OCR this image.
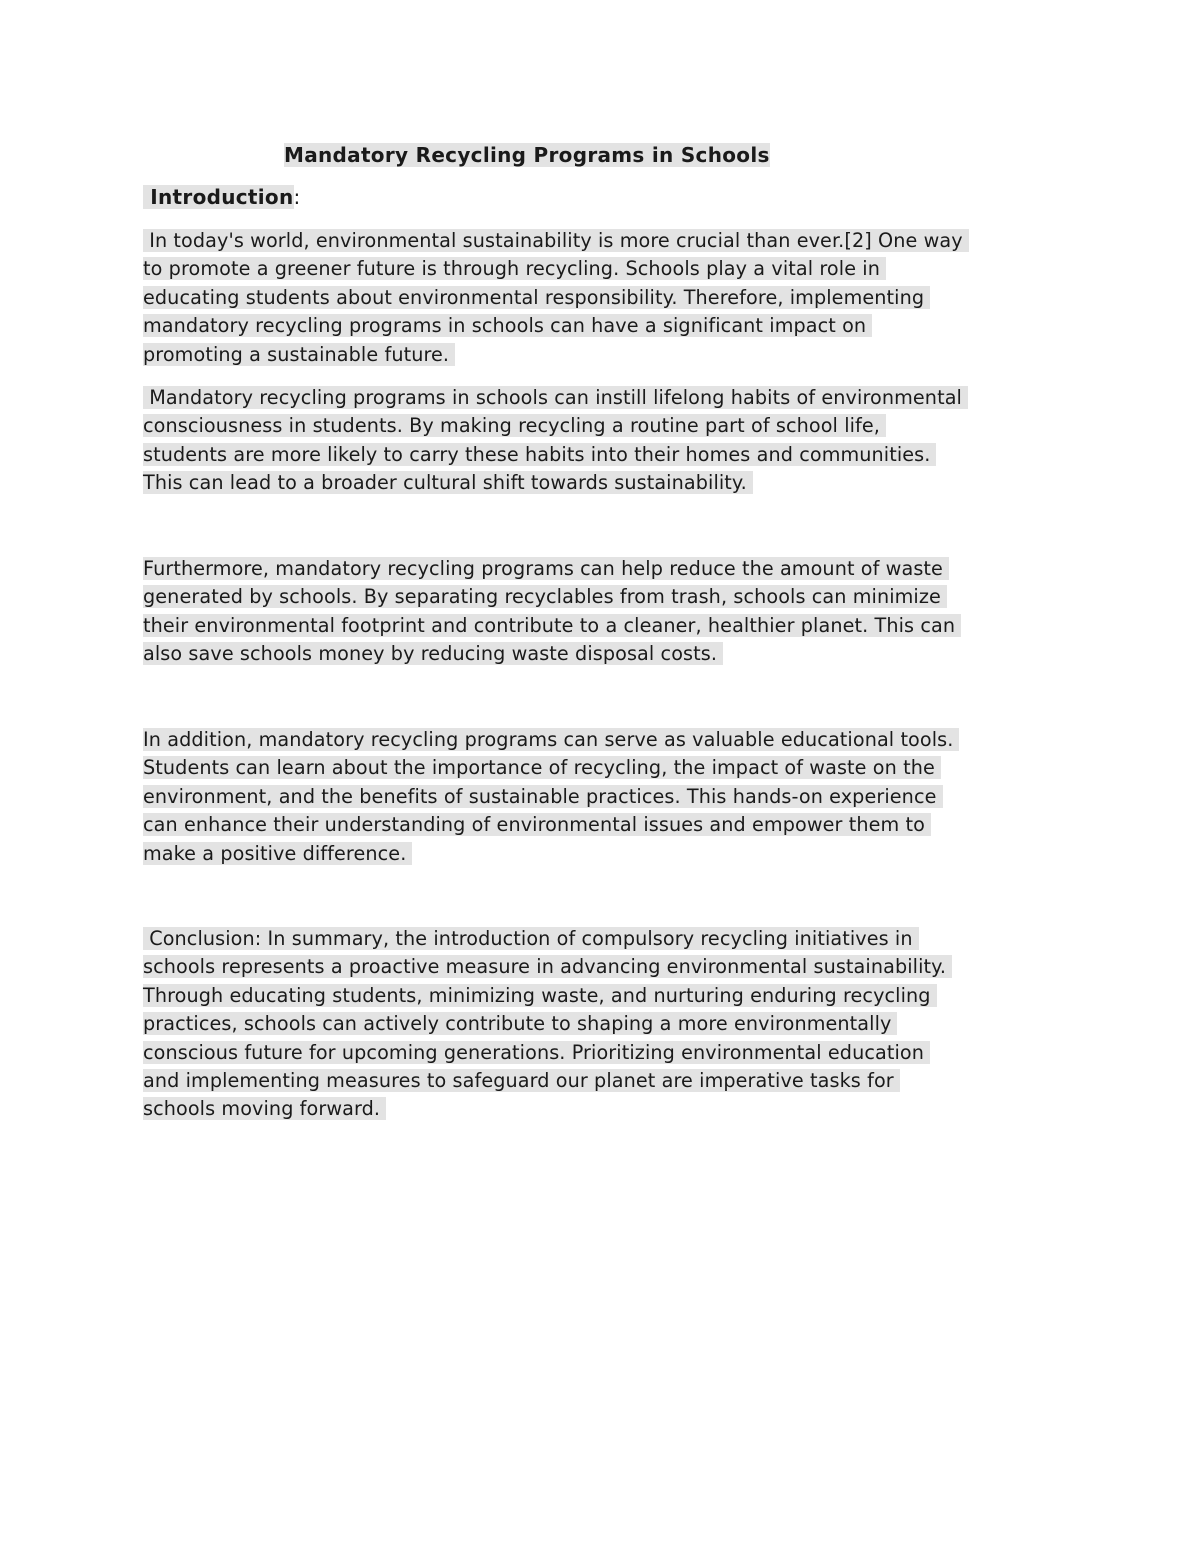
Mandatory Recycling Programs in Schools
Introduction:
In today's world, environmental sustainability is more crucial than ever.[2] One way
to promote a greener future is through recycling. Schools play a vital role in
educating students about environmental responsibility. Therefore, implementing
mandatory recycling programs in schools can have a significant impact on
promoting a sustainable future.
Mandatory recycling programs in schools can instill lifelong habits of environmental
consciousness in students. By making recycling a routine part of school life,
students are more likely to carry these habits into their homes and communities.
This can lead to a broader cultural shift towards sustainability.
Furthermore, mandatory recycling programs can help reduce the amount of waste
generated by schools. By separating recyclables from trash, schools can minimize
their environmental footprint and contribute to a cleaner, healthier planet. This can
also save schools money by reducing waste disposal costs.
In addition, mandatory recycling programs can serve as valuable educational tools.
Students can learn about the importance of recycling, the impact of waste on the
environment, and the benefits of sustainable practices. This hands-on experience
can enhance their understanding of environmental issues and empower them to
make a positive difference.
Conclusion: In summary, the introduction of compulsory recycling initiatives in
schools represents a proactive measure in advancing environmental sustainability.
Through educating students, minimizing waste, and nurturing enduring recycling
practices, schools can actively contribute to shaping a more environmentally
conscious future for upcoming generations. Prioritizing environmental education
and implementing measures to safeguard our planet are imperative tasks for
schools moving forward.
